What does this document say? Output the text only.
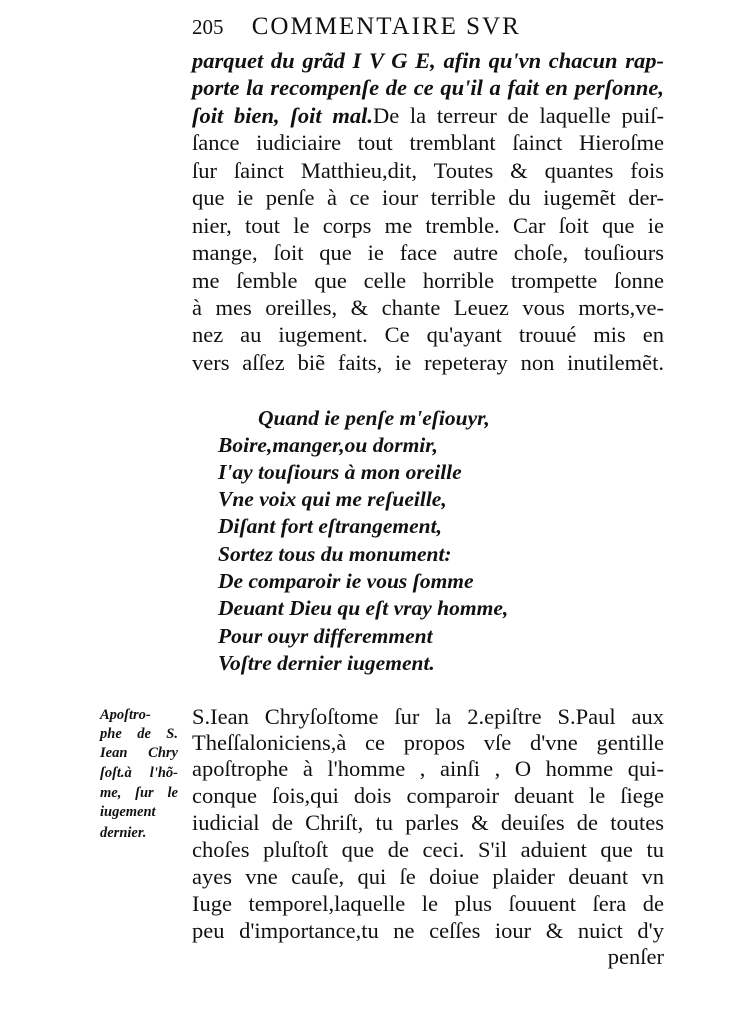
205 COMMENTAIRE SVR
parquet du grãd I V G E, afin qu'vn chacun rap-
porte la recompenſe de ce qu'il a fait en perſonne,
ſoit bien, ſoit mal.De la terreur de laquelle puiſ-
ſance iudiciaire tout tremblant ſainct Hieroſme
ſur ſainct Matthieu,dit, Toutes & quantes fois
que ie penſe à ce iour terrible du iugemẽt der-
nier, tout le corps me tremble. Car ſoit que ie
mange, ſoit que ie face autre choſe, touſiours
me ſemble que celle horrible trompette ſonne
à mes oreilles, & chante Leuez vous morts,ve-
nez au iugement. Ce qu'ayant trouué mis en
vers aſſez biẽ faits, ie repeteray non inutilemẽt.
Quand ie penſe m'eſiouyr,
Boire,manger,ou dormir,
I'ay touſiours à mon oreille
Vne voix qui me reſueille,
Diſant fort eſtrangement,
Sortez tous du monument:
De comparoir ie vous ſomme
Deuant Dieu qu eſt vray homme,
Pour ouyr differemment
Voſtre dernier iugement.
Apoſtro-
phe de S.
Iean Chry
ſoſt.à l'hõ-
me, ſur le
iugement
dernier.
S.Iean Chryſoſtome ſur la 2.epiſtre S.Paul aux
Theſſaloniciens,à ce propos vſe d'vne gentille
apoſtrophe à l'homme , ainſi , O homme qui-
conque ſois,qui dois comparoir deuant le ſiege
iudicial de Chriſt, tu parles & deuiſes de toutes
choſes pluſtoſt que de ceci. S'il aduient que tu
ayes vne cauſe, qui ſe doiue plaider deuant vn
Iuge temporel,laquelle le plus ſouuent ſera de
peu d'importance,tu ne ceſſes iour & nuict d'y
penſer
